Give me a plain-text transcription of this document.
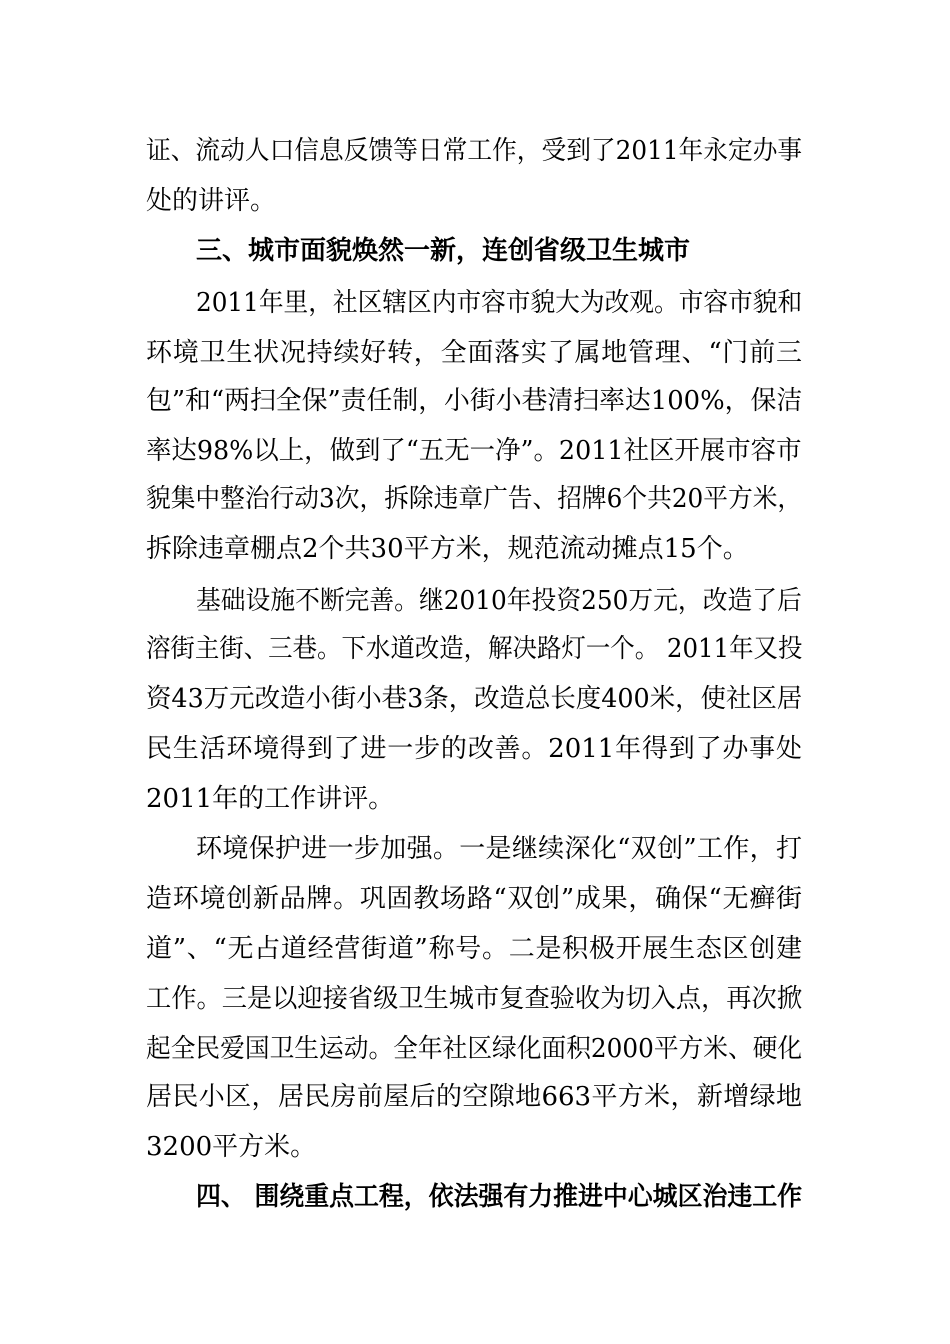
证、流动人口信息反馈等日常工作，受到了2011年永定办事
处的讲评。
三、城市面貌焕然一新，连创省级卫生城市
2011年里，社区辖区内市容市貌大为改观。市容市貌和
环境卫生状况持续好转，全面落实了属地管理、“门前三
包”和“两扫全保”责任制，小街小巷清扫率达100%，保洁
率达98%以上，做到了“五无一净”。2011社区开展市容市
貌集中整治行动3次，拆除违章广告、招牌6个共20平方米，
拆除违章棚点2个共30平方米，规范流动摊点15个。
基础设施不断完善。继2010年投资250万元，改造了后
溶街主街、三巷。下水道改造，解决路灯一个。 2011年又投
资43万元改造小街小巷3条，改造总长度400米，使社区居
民生活环境得到了进一步的改善。2011年得到了办事处
2011年的工作讲评。
环境保护进一步加强。一是继续深化“双创”工作，打
造环境创新品牌。巩固教场路“双创”成果，确保“无癣街
道”、“无占道经营街道”称号。二是积极开展生态区创建
工作。三是以迎接省级卫生城市复查验收为切入点，再次掀
起全民爱国卫生运动。全年社区绿化面积2000平方米、硬化
居民小区，居民房前屋后的空隙地663平方米，新增绿地
3200平方米。
四、 围绕重点工程，依法强有力推进中心城区治违工作
